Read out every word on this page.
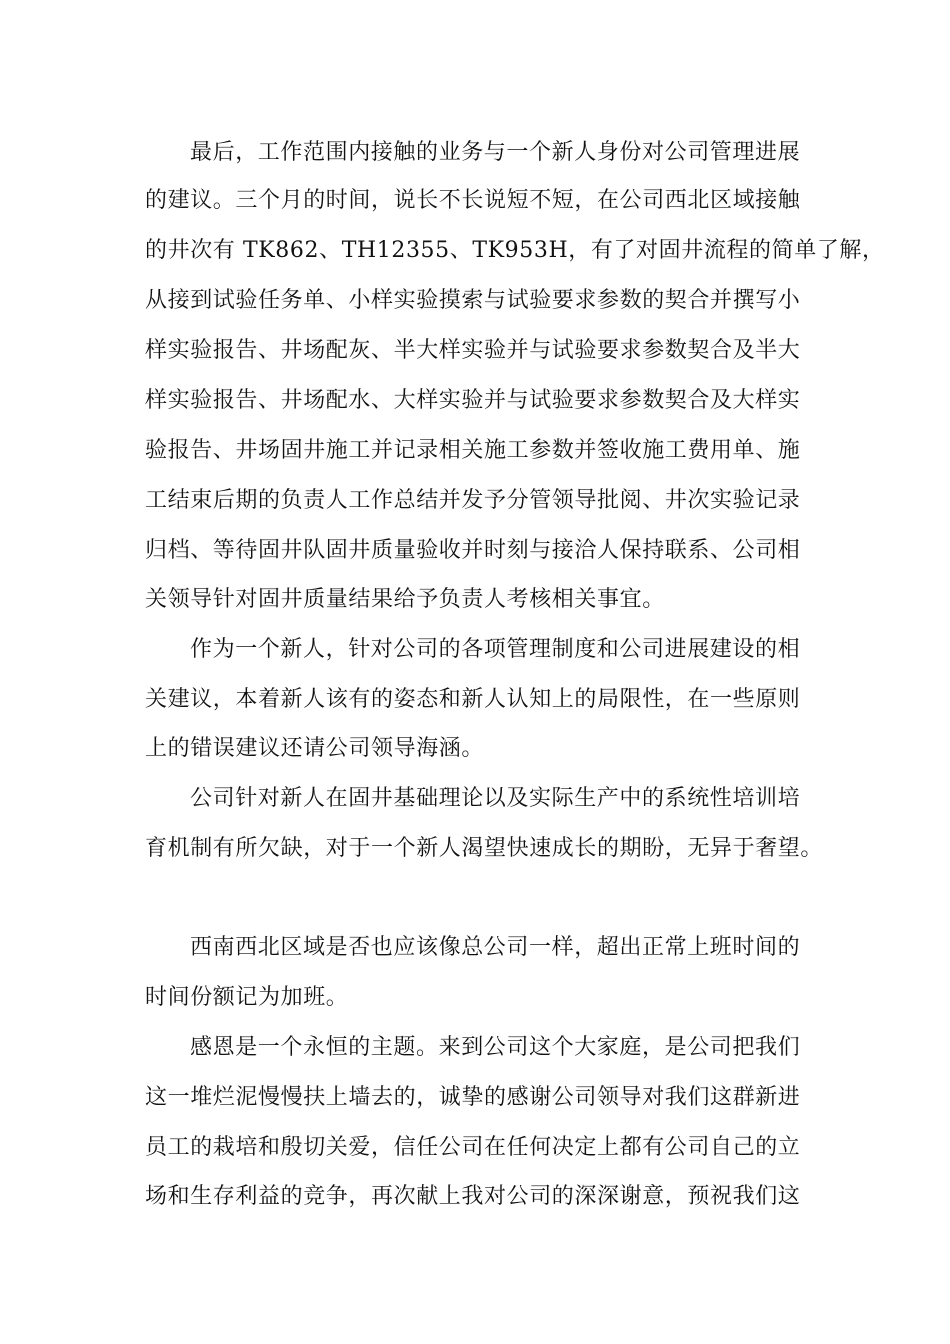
最后，工作范围内接触的业务与一个新人身份对公司管理进展
的建议。三个月的时间，说长不长说短不短，在公司西北区域接触
的井次有 TK862、TH12355、TK953H，有了对固井流程的简单了解，
从接到试验任务单、小样实验摸索与试验要求参数的契合并撰写小
样实验报告、井场配灰、半大样实验并与试验要求参数契合及半大
样实验报告、井场配水、大样实验并与试验要求参数契合及大样实
验报告、井场固井施工并记录相关施工参数并签收施工费用单、施
工结束后期的负责人工作总结并发予分管领导批阅、井次实验记录
归档、等待固井队固井质量验收并时刻与接洽人保持联系、公司相
关领导针对固井质量结果给予负责人考核相关事宜。
作为一个新人，针对公司的各项管理制度和公司进展建设的相
关建议，本着新人该有的姿态和新人认知上的局限性，在一些原则
上的错误建议还请公司领导海涵。
公司针对新人在固井基础理论以及实际生产中的系统性培训培
育机制有所欠缺，对于一个新人渴望快速成长的期盼，无异于奢望。
西南西北区域是否也应该像总公司一样，超出正常上班时间的
时间份额记为加班。
感恩是一个永恒的主题。来到公司这个大家庭，是公司把我们
这一堆烂泥慢慢扶上墙去的，诚挚的感谢公司领导对我们这群新进
员工的栽培和殷切关爱，信任公司在任何决定上都有公司自己的立
场和生存利益的竞争，再次献上我对公司的深深谢意，预祝我们这
